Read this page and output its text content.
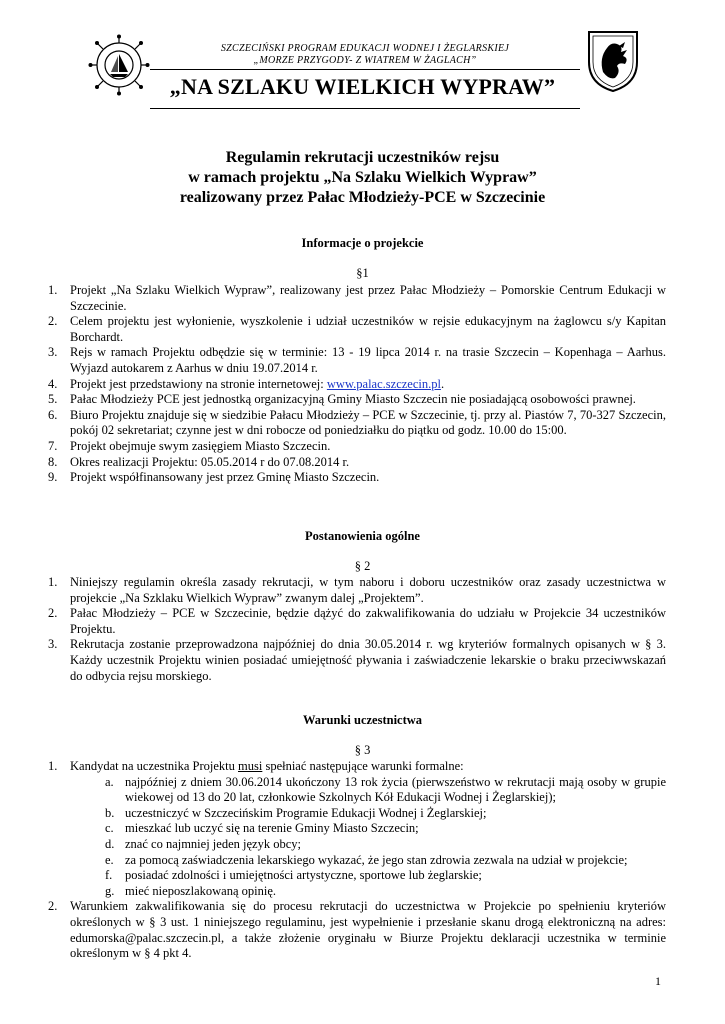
SZCZECIŃSKI PROGRAM EDUKACJI WODNEJ I ŻEGLARSKIEJ
„MORZE PRZYGODY- Z WIATREM W ŻAGLACH”
„NA SZLAKU WIELKICH WYPRAW”
Regulamin rekrutacji uczestników rejsu
w ramach projektu „Na Szlaku Wielkich Wypraw”
realizowany przez Pałac Młodzieży-PCE w Szczecinie
Informacje o projekcie
§1
1. Projekt „Na Szlaku Wielkich Wypraw”, realizowany jest przez Pałac Młodzieży – Pomorskie Centrum Edukacji w Szczecinie.
2. Celem projektu jest wyłonienie, wyszkolenie i udział uczestników w rejsie edukacyjnym na żaglowcu s/y Kapitan Borchardt.
3. Rejs w ramach Projektu odbędzie się w terminie: 13 - 19 lipca 2014 r. na trasie Szczecin – Kopenhaga – Aarhus. Wyjazd autokarem z Aarhus w dniu 19.07.2014 r.
4. Projekt jest przedstawiony na stronie internetowej: www.palac.szczecin.pl.
5. Pałac Młodzieży PCE jest jednostką organizacyjną Gminy Miasto Szczecin nie posiadającą osobowości prawnej.
6. Biuro Projektu znajduje się w siedzibie Pałacu Młodzieży – PCE w Szczecinie, tj. przy al. Piastów 7, 70-327 Szczecin, pokój 02 sekretariat; czynne jest w dni robocze od poniedziałku do piątku od godz. 10.00 do 15:00.
7. Projekt obejmuje swym zasięgiem Miasto Szczecin.
8. Okres realizacji Projektu: 05.05.2014 r do 07.08.2014 r.
9. Projekt współfinansowany jest przez Gminę Miasto Szczecin.
Postanowienia ogólne
§ 2
1. Niniejszy regulamin określa zasady rekrutacji, w tym naboru i doboru uczestników oraz zasady uczestnictwa w projekcie „Na Szklaku Wielkich Wypraw” zwanym dalej „Projektem”.
2. Pałac Młodzieży – PCE w Szczecinie, będzie dążyć do zakwalifikowania do udziału w Projekcie 34 uczestników Projektu.
3. Rekrutacja zostanie przeprowadzona najpóźniej do dnia 30.05.2014 r. wg kryteriów formalnych opisanych w § 3. Każdy uczestnik Projektu winien posiadać umiejętność pływania i zaświadczenie lekarskie o braku przeciwwskazań do odbycia rejsu morskiego.
Warunki uczestnictwa
§ 3
1. Kandydat na uczestnika Projektu musi spełniać następujące warunki formalne:
a. najpóźniej z dniem 30.06.2014 ukończony 13 rok życia (pierwszeństwo w rekrutacji mają osoby w grupie wiekowej od 13 do 20 lat, członkowie Szkolnych Kół Edukacji Wodnej i Żeglarskiej);
b. uczestniczyć w Szczecińskim Programie Edukacji Wodnej i Żeglarskiej;
c. mieszkać lub uczyć się na terenie Gminy Miasto Szczecin;
d. znać co najmniej jeden język obcy;
e. za pomocą zaświadczenia lekarskiego wykazać, że jego stan zdrowia zezwala na udział w projekcie;
f. posiadać zdolności i umiejętności artystyczne, sportowe lub żeglarskie;
g. mieć nieposzlakowaną opinię.
2. Warunkiem zakwalifikowania się do procesu rekrutacji do uczestnictwa w Projekcie po spełnieniu kryteriów określonych w § 3 ust. 1 niniejszego regulaminu, jest wypełnienie i przesłanie skanu drogą elektroniczną na adres: edumorska@palac.szczecin.pl, a także złożenie oryginału w Biurze Projektu deklaracji uczestnika w terminie określonym w § 4 pkt 4.
1
